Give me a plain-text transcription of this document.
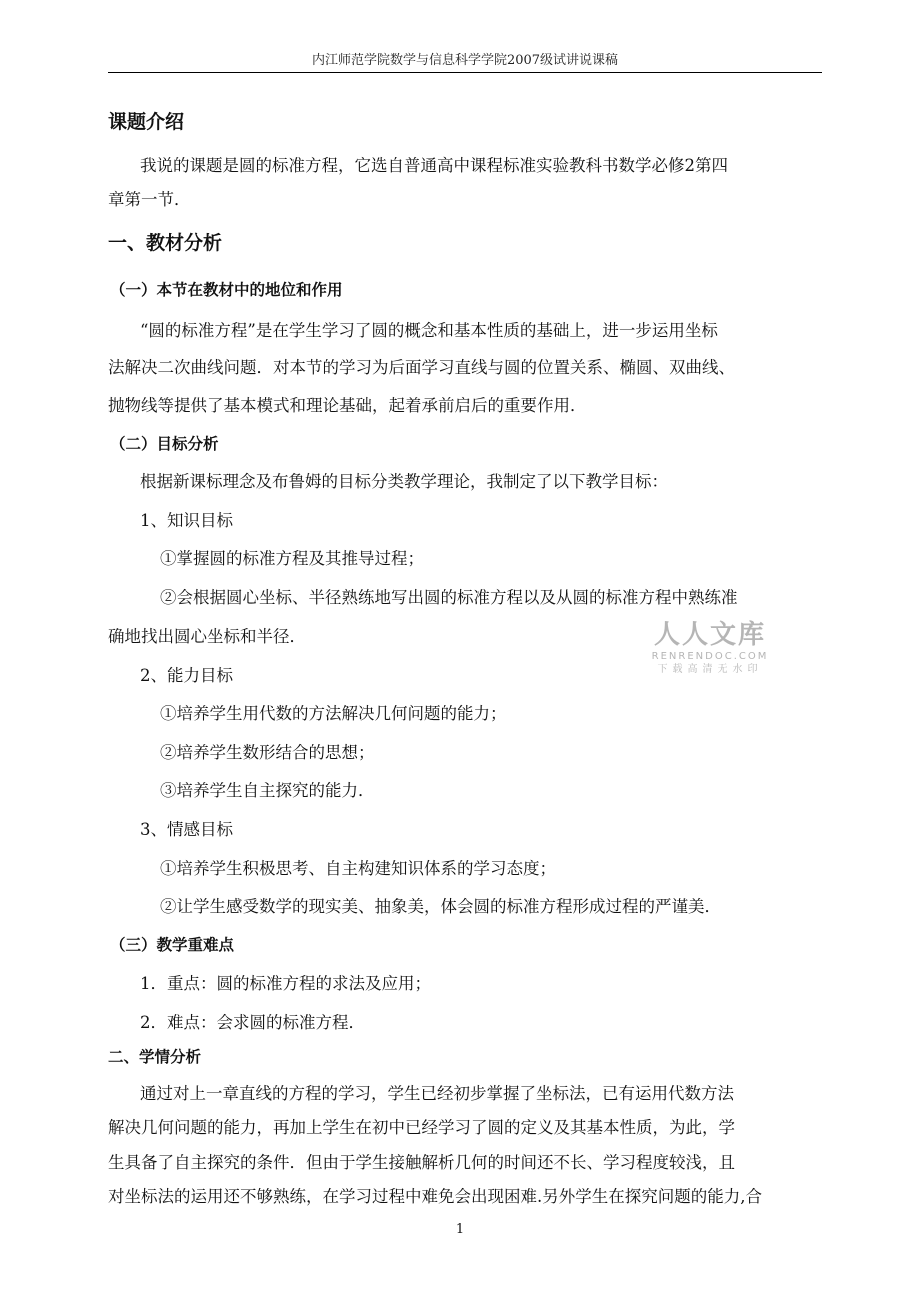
内江师范学院数学与信息科学学院2007级试讲说课稿
课题介绍
我说的课题是圆的标准方程，它选自普通高中课程标准实验教科书数学必修2第四
章第一节．
一、教材分析
（一）本节在教材中的地位和作用
“圆的标准方程”是在学生学习了圆的概念和基本性质的基础上，进一步运用坐标
法解决二次曲线问题．对本节的学习为后面学习直线与圆的位置关系、椭圆、双曲线、
抛物线等提供了基本模式和理论基础，起着承前启后的重要作用．
（二）目标分析
根据新课标理念及布鲁姆的目标分类教学理论，我制定了以下教学目标：
1、知识目标
①掌握圆的标准方程及其推导过程；
②会根据圆心坐标、半径熟练地写出圆的标准方程以及从圆的标准方程中熟练准
确地找出圆心坐标和半径．
2、能力目标
①培养学生用代数的方法解决几何问题的能力；
②培养学生数形结合的思想；
③培养学生自主探究的能力．
3、情感目标
①培养学生积极思考、自主构建知识体系的学习态度；
②让学生感受数学的现实美、抽象美，体会圆的标准方程形成过程的严谨美．
（三）教学重难点
1．重点：圆的标准方程的求法及应用；
2．难点：会求圆的标准方程．
二、学情分析
通过对上一章直线的方程的学习，学生已经初步掌握了坐标法，已有运用代数方法
解决几何问题的能力，再加上学生在初中已经学习了圆的定义及其基本性质，为此，学
生具备了自主探究的条件．但由于学生接触解析几何的时间还不长、学习程度较浅，且
对坐标法的运用还不够熟练，在学习过程中难免会出现困难.另外学生在探究问题的能力,合
人人文库
RENRENDOC.COM
下载高清无水印
1
